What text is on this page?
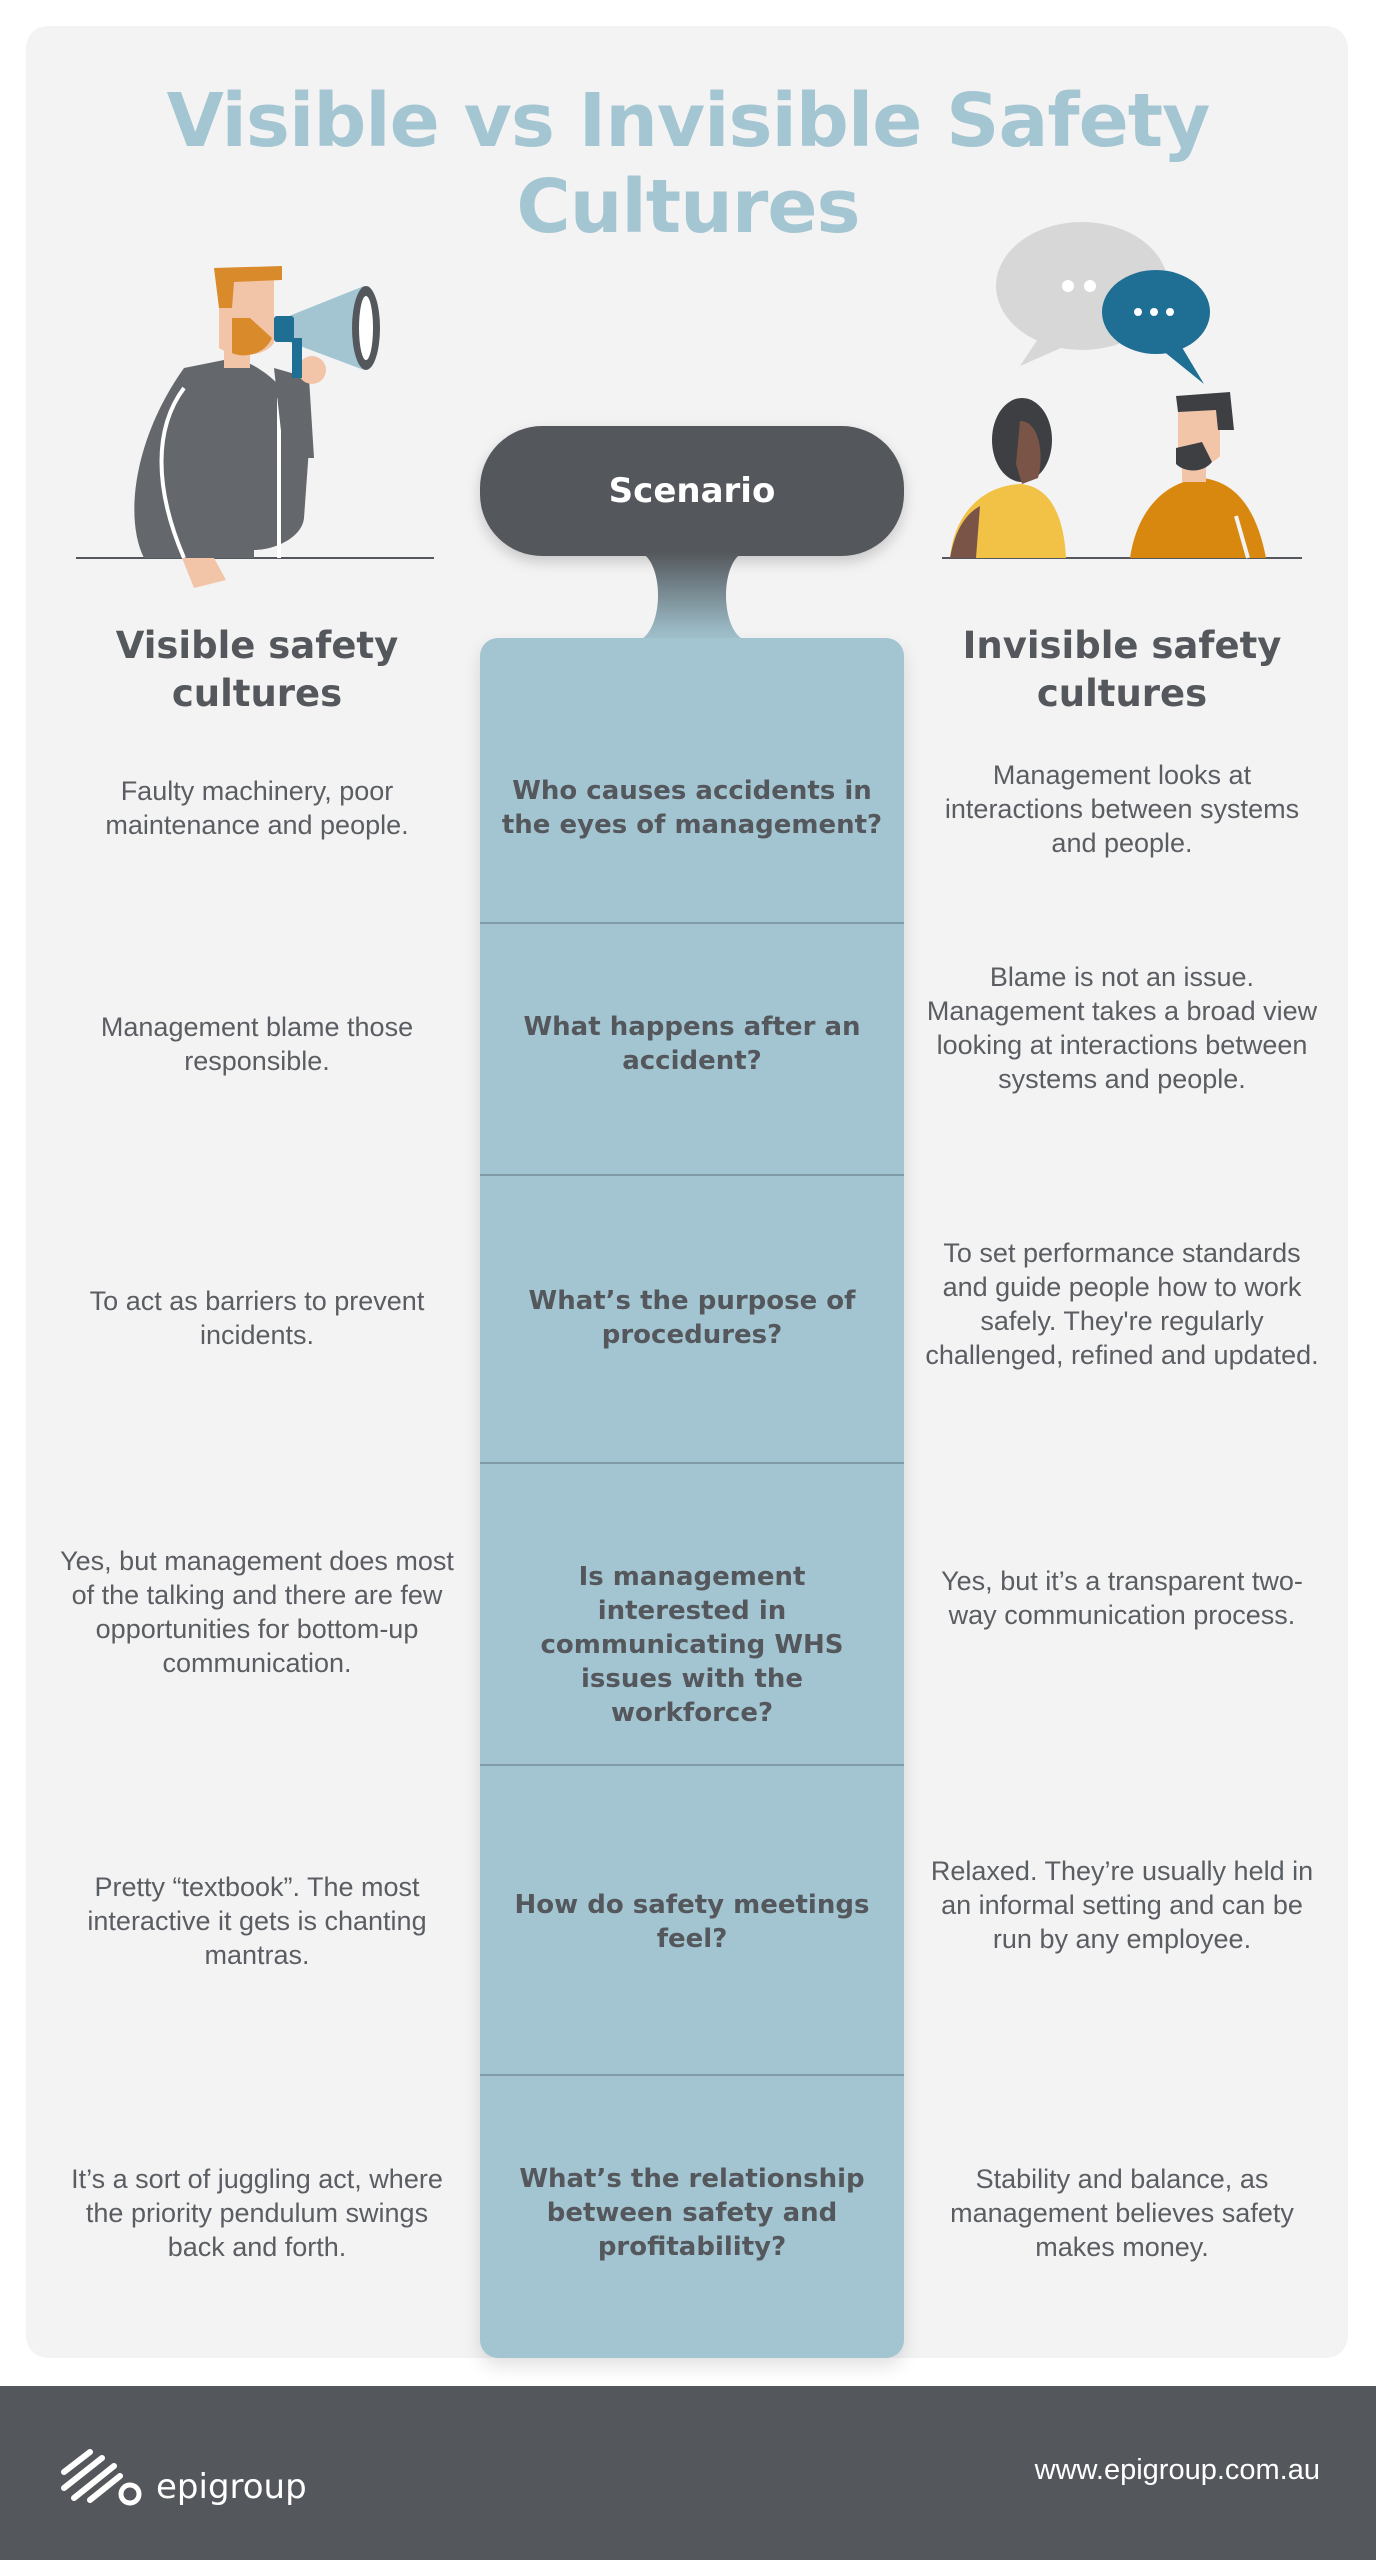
Visible vs Invisible Safety Cultures
Scenario
Visible safety cultures
Invisible safety cultures
Faulty machinery, poor maintenance and people.
Who causes accidents in the eyes of management?
Management looks at interactions between systems and people.
Management blame those responsible.
What happens after an accident?
Blame is not an issue. Management takes a broad view looking at interactions between systems and people.
To act as barriers to prevent incidents.
What’s the purpose of procedures?
To set performance standards and guide people how to work safely. They're regularly challenged, refined and updated.
Yes, but management does most of the talking and there are few opportunities for bottom-up communication.
Is management interested in communicating WHS issues with the workforce?
Yes, but it’s a transparent two-way communication process.
Pretty “textbook”. The most interactive it gets is chanting mantras.
How do safety meetings feel?
Relaxed. They’re usually held in an informal setting and can be run by any employee.
It’s a sort of juggling act, where the priority pendulum swings back and forth.
What’s the relationship between safety and profitability?
Stability and balance, as management believes safety makes money.
epigroup	www.epigroup.com.au
